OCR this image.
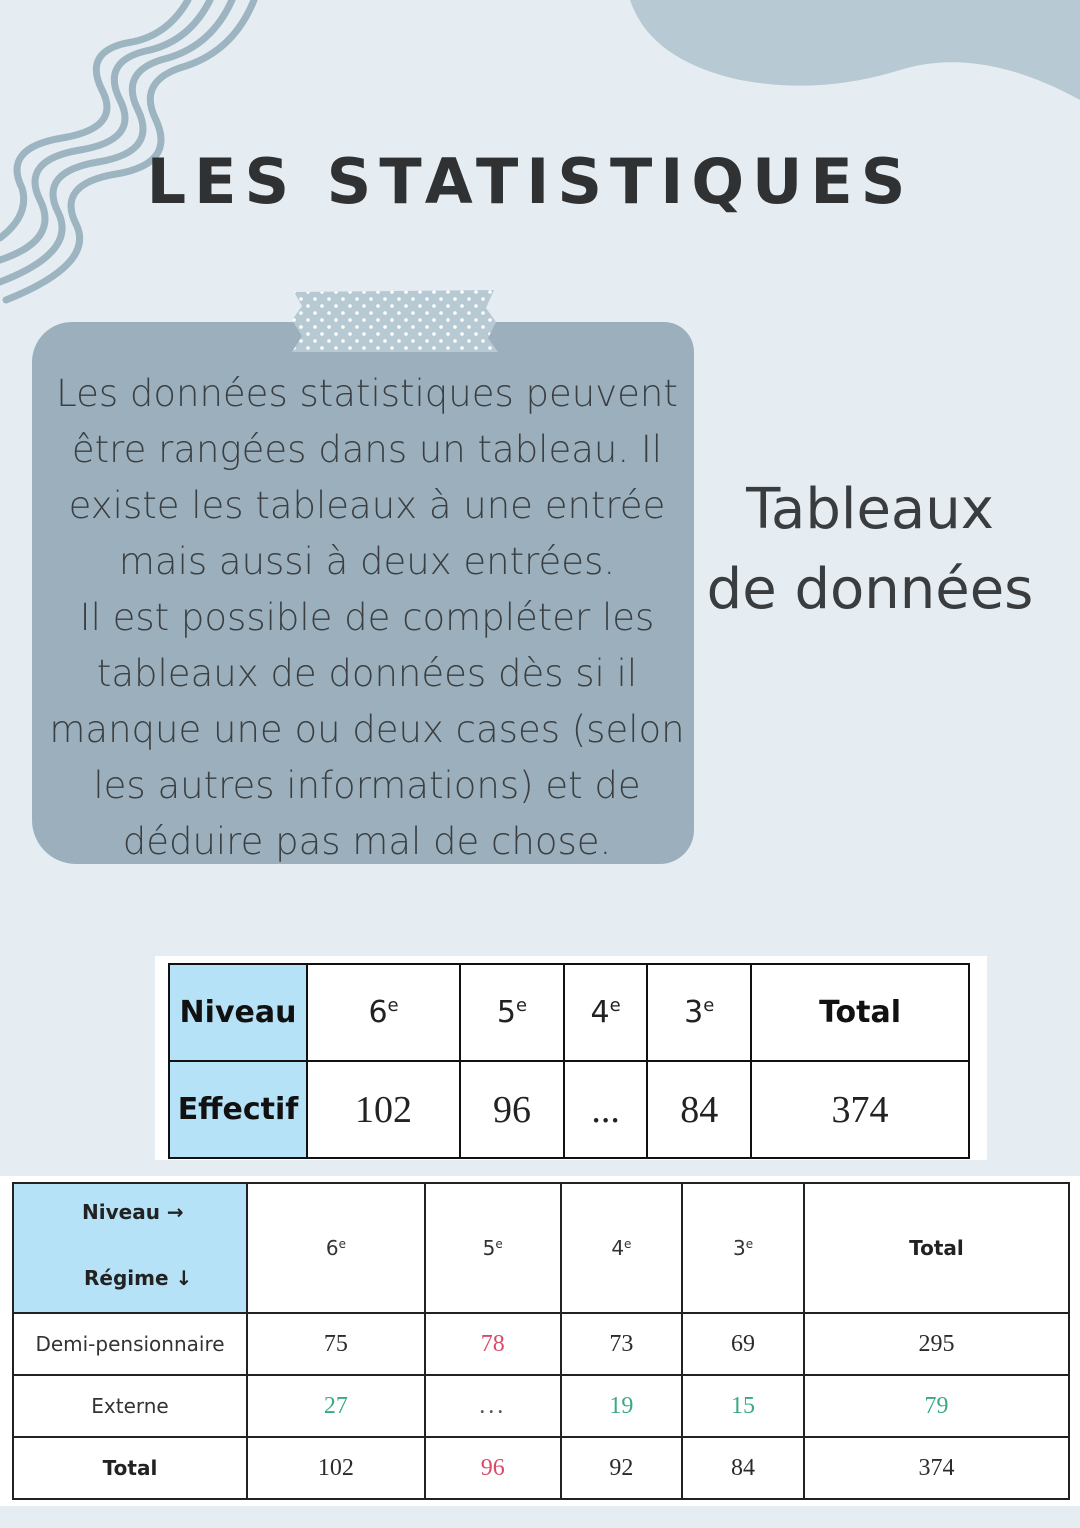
LES STATISTIQUES
Les données statistiques peuvent
être rangées dans un tableau. Il
existe les tableaux à une entrée
mais aussi à deux entrées.
Il est possible de compléter les
tableaux de données dès si il
manque une ou deux cases (selon
les autres informations) et de
déduire pas mal de chose.
Tableaux
de données
Niveau	6e	5e	4e	3e	Total
Effectif	102	96	...	84	374
Niveau →
Régime ↓	6e	5e	4e	3e	Total
Demi-pensionnaire	75	78	73	69	295
Externe	27	...	19	15	79
Total	102	96	92	84	374
